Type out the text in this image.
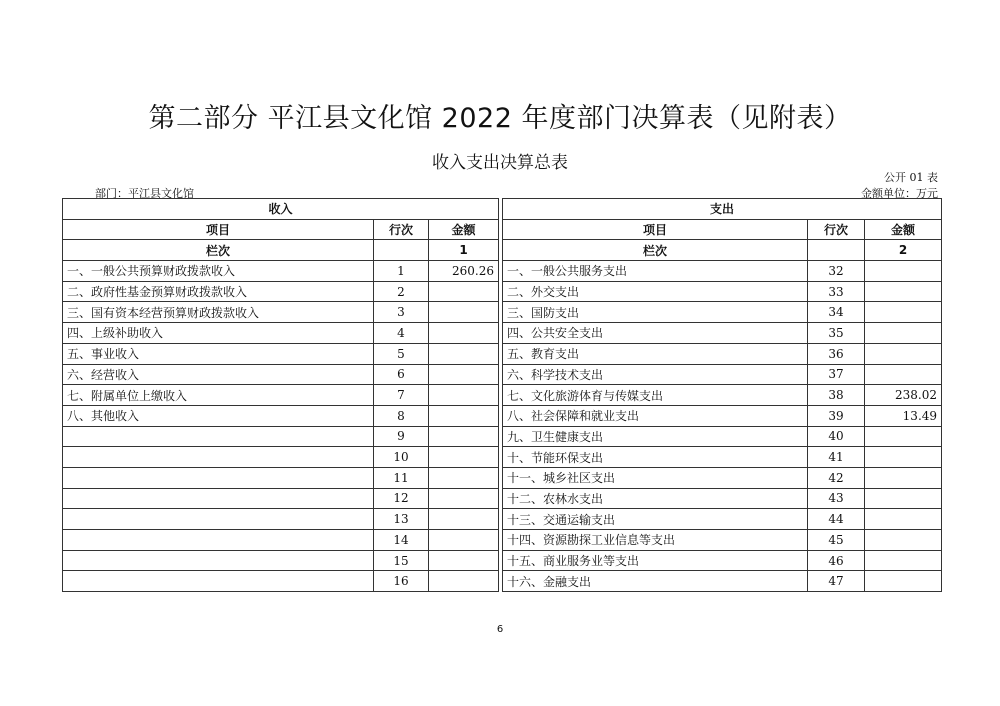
第二部分 平江县文化馆 2022 年度部门决算表（见附表）
收入支出决算总表
公开 01 表
部门：平江县文化馆	金额单位：万元
收入				支出		
项目	行次	金额		项目	行次	金额
栏次		1		栏次		2
一、一般公共预算财政拨款收入	1	260.26		一、一般公共服务支出	32	
二、政府性基金预算财政拨款收入	2			二、外交支出	33	
三、国有资本经营预算财政拨款收入	3			三、国防支出	34	
四、上级补助收入	4			四、公共安全支出	35	
五、事业收入	5			五、教育支出	36	
六、经营收入	6			六、科学技术支出	37	
七、附属单位上缴收入	7			七、文化旅游体育与传媒支出	38	238.02
八、其他收入	8			八、社会保障和就业支出	39	13.49
	9			九、卫生健康支出	40	
	10			十、节能环保支出	41	
	11			十一、城乡社区支出	42	
	12			十二、农林水支出	43	
	13			十三、交通运输支出	44	
	14			十四、资源勘探工业信息等支出	45	
	15			十五、商业服务业等支出	46	
	16			十六、金融支出	47	
6
